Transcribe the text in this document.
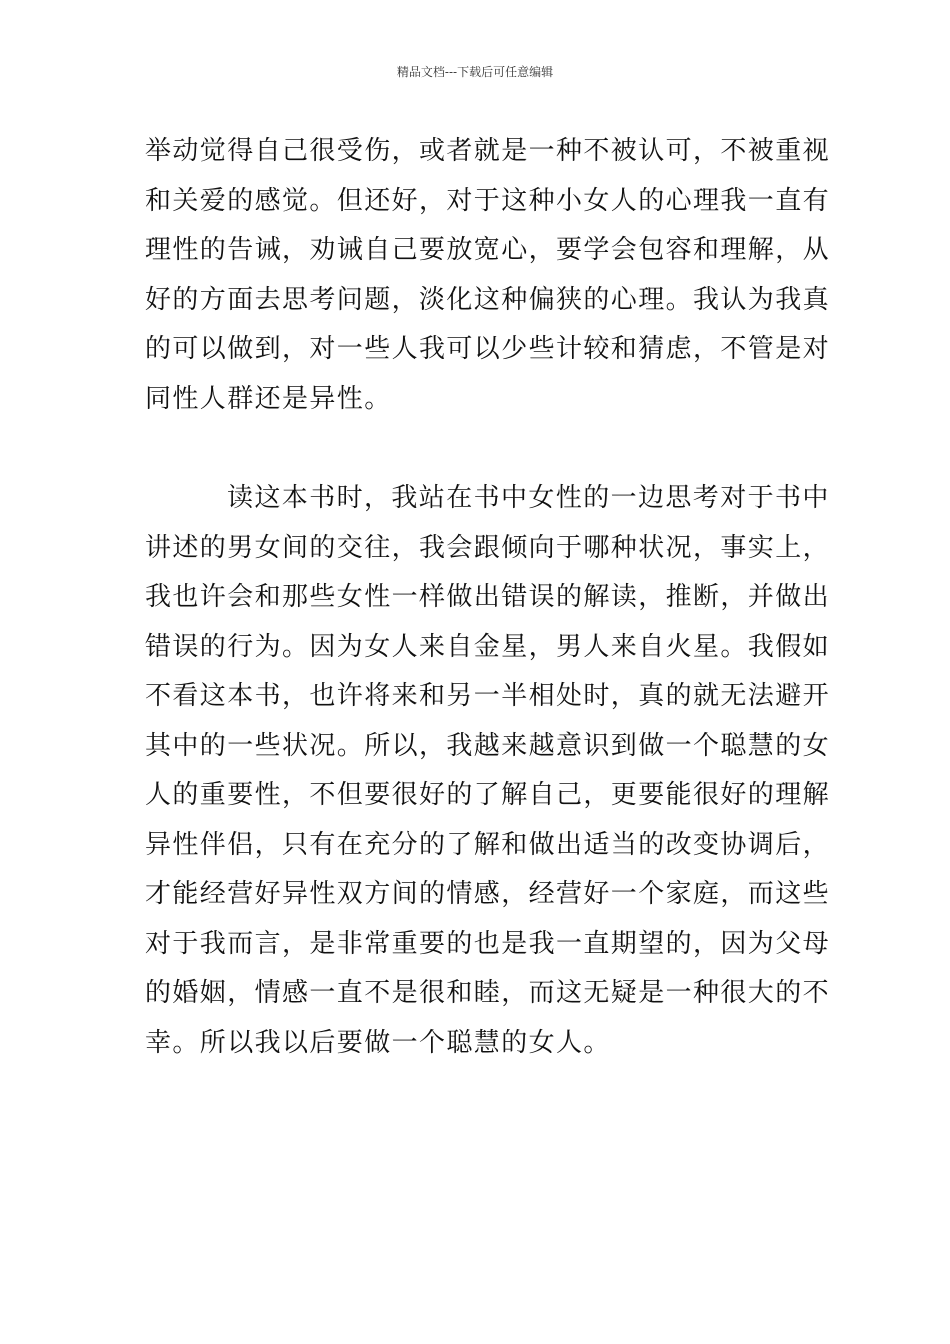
精品文档---下载后可任意编辑
举动觉得自己很受伤，或者就是一种不被认可，不被重视
和关爱的感觉。但还好，对于这种小女人的心理我一直有
理性的告诫，劝诫自己要放宽心，要学会包容和理解，从
好的方面去思考问题，淡化这种偏狭的心理。我认为我真
的可以做到，对一些人我可以少些计较和猜虑，不管是对
同性人群还是异性。
读这本书时，我站在书中女性的一边思考对于书中
讲述的男女间的交往，我会跟倾向于哪种状况，事实上，
我也许会和那些女性一样做出错误的解读，推断，并做出
错误的行为。因为女人来自金星，男人来自火星。我假如
不看这本书，也许将来和另一半相处时，真的就无法避开
其中的一些状况。所以，我越来越意识到做一个聪慧的女
人的重要性，不但要很好的了解自己，更要能很好的理解
异性伴侣，只有在充分的了解和做出适当的改变协调后，
才能经营好异性双方间的情感，经营好一个家庭，而这些
对于我而言，是非常重要的也是我一直期望的，因为父母
的婚姻，情感一直不是很和睦，而这无疑是一种很大的不
幸。所以我以后要做一个聪慧的女人。
